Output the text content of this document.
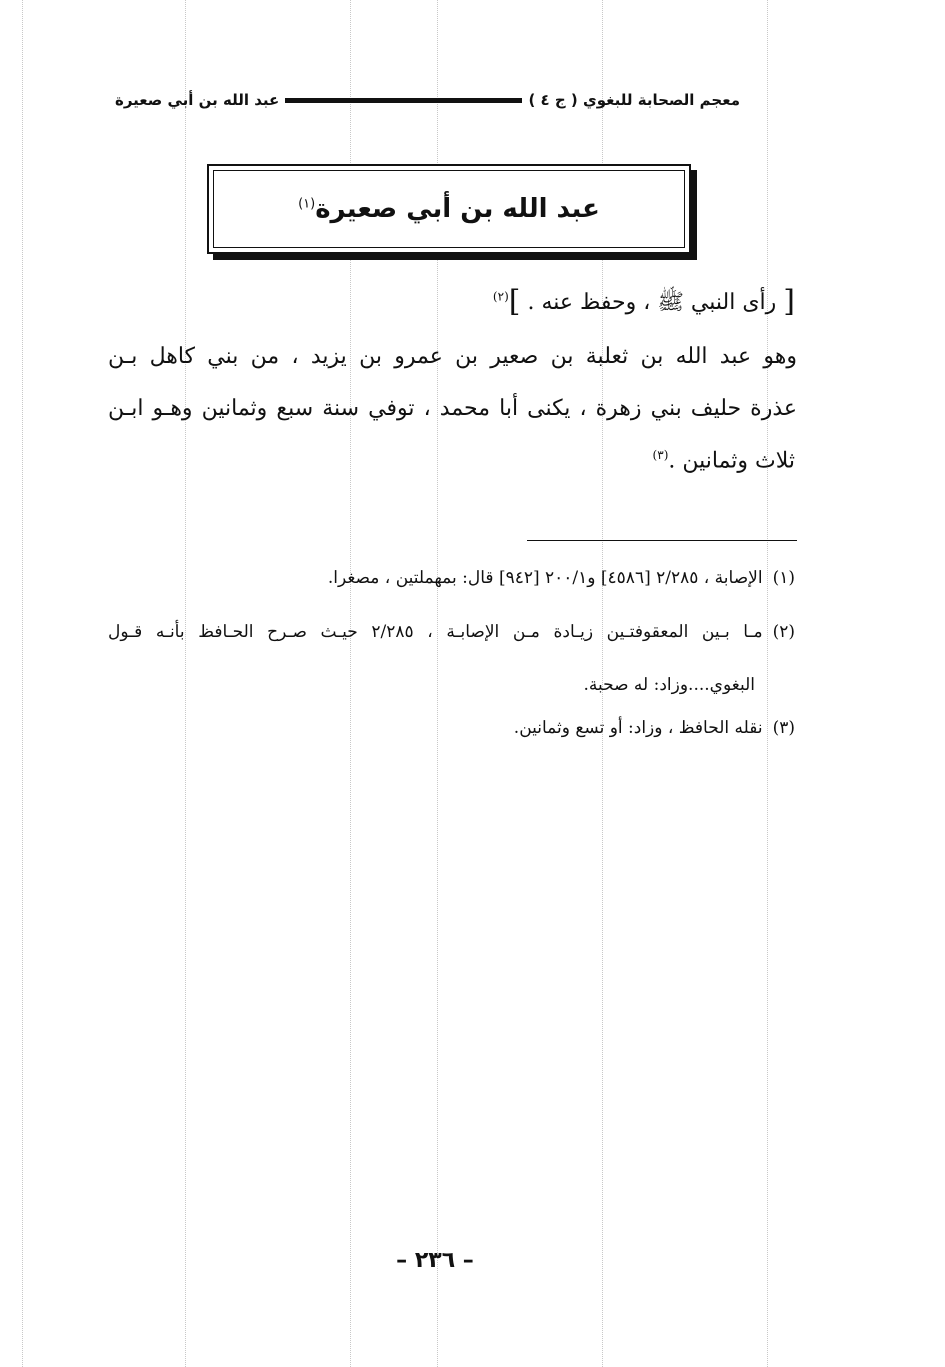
معجم الصحابة للبغوي ( ج ٤ )
عبد الله بن أبي صعيرة
عبد الله بن أبي صعيرة$^{(١)}$
[ رأى النبي ﷺ ، وحفظ عنه . ]$^{(٢)}$
وهو عبد الله بن ثعلبة بن صعير بن عمرو بن يزيد ، من بني كاهل بـن
عذرة حليف بني زهرة ، يكنى أبا محمد ، توفي سنة سبع وثمانين وهـو ابـن
ثلاث وثمانين .$^{(٣)}$
(١)الإصابة ، ٢/٢٨٥ [٤٥٨٦] و٢٠٠/١ [٩٤٢] قال: بمهملتين ، مصغرا.
(٢)
مـا بـين المعقوفتـين زيـادة مـن الإصابـة ، ٢/٢٨٥ حيـث صـرح الحـافظ بأنـه قـول
البغوي....وزاد: له صحبة.
(٣)نقله الحافظ ، وزاد: أو تسع وثمانين.
– ٢٣٦ –
